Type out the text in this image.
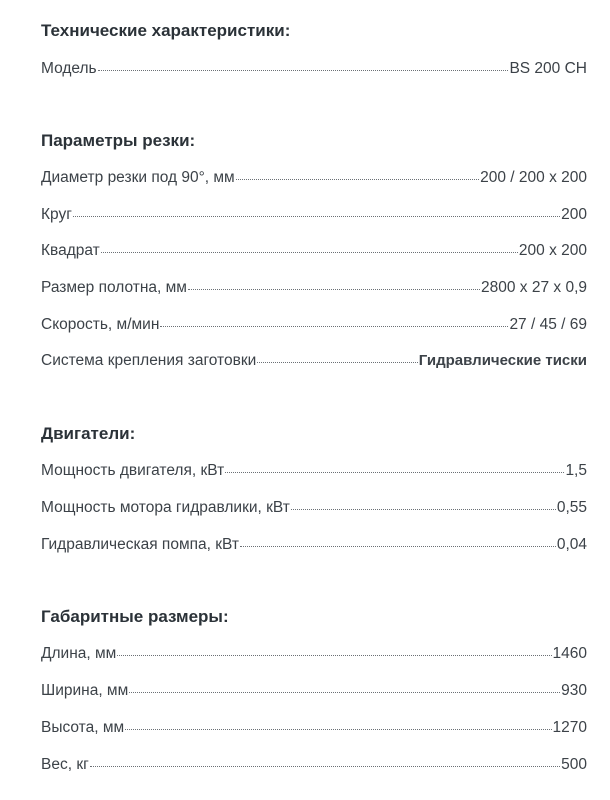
Технические характеристики:
Модель	BS 200 CH
Параметры резки:
Диаметр резки под 90°, мм	200 / 200 х 200
Круг	200
Квадрат	200 х 200
Размер полотна, мм	2800 х 27 х 0,9
Скорость, м/мин	27 / 45 / 69
Система крепления заготовки	Гидравлические тиски
Двигатели:
Мощность двигателя, кВт	1,5
Мощность мотора гидравлики, кВт	0,55
Гидравлическая помпа, кВт	0,04
Габаритные размеры:
Длина, мм	1460
Ширина, мм	930
Высота, мм	1270
Вес, кг	500
